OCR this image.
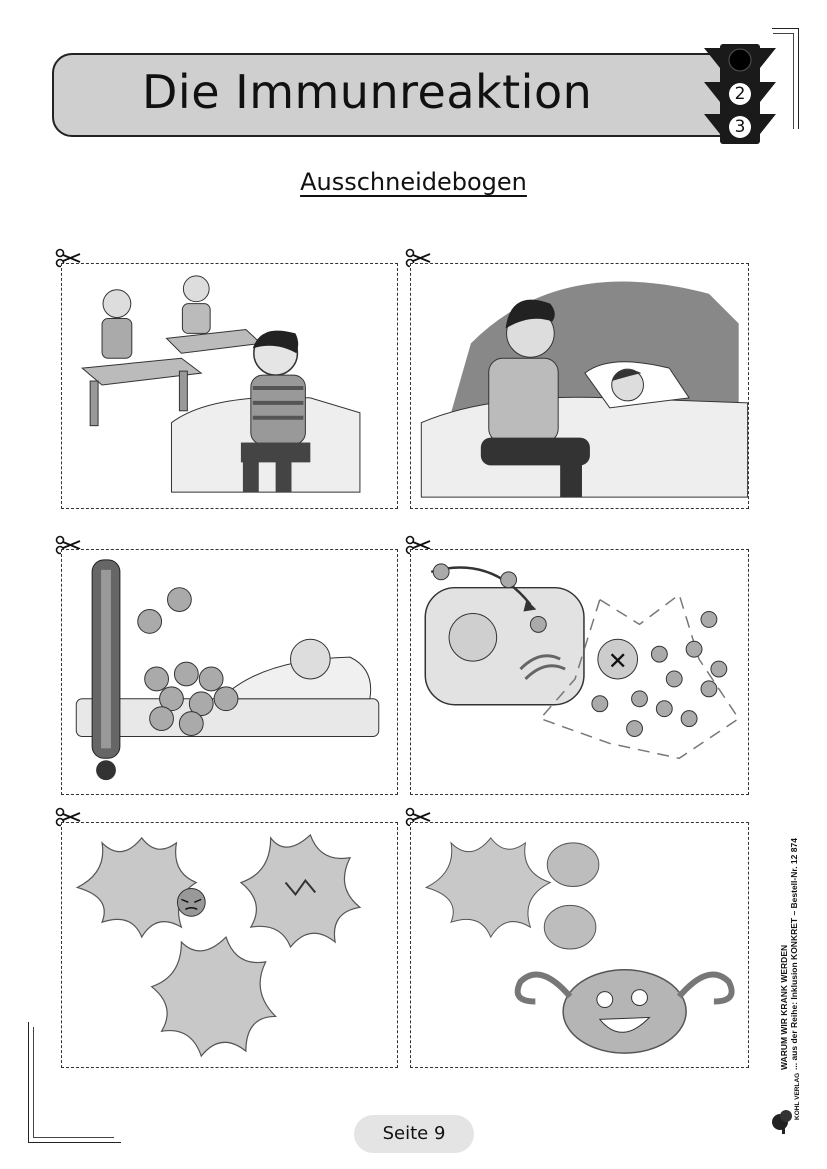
Die Immunreaktion	2
3
Ausschneidebogen
✕
WARUM WIR KRANK WERDEN ... aus der Reihe: Inklusion KONKRET – Bestell-Nr. 12 874
KOHL VERLAG
Seite 9
